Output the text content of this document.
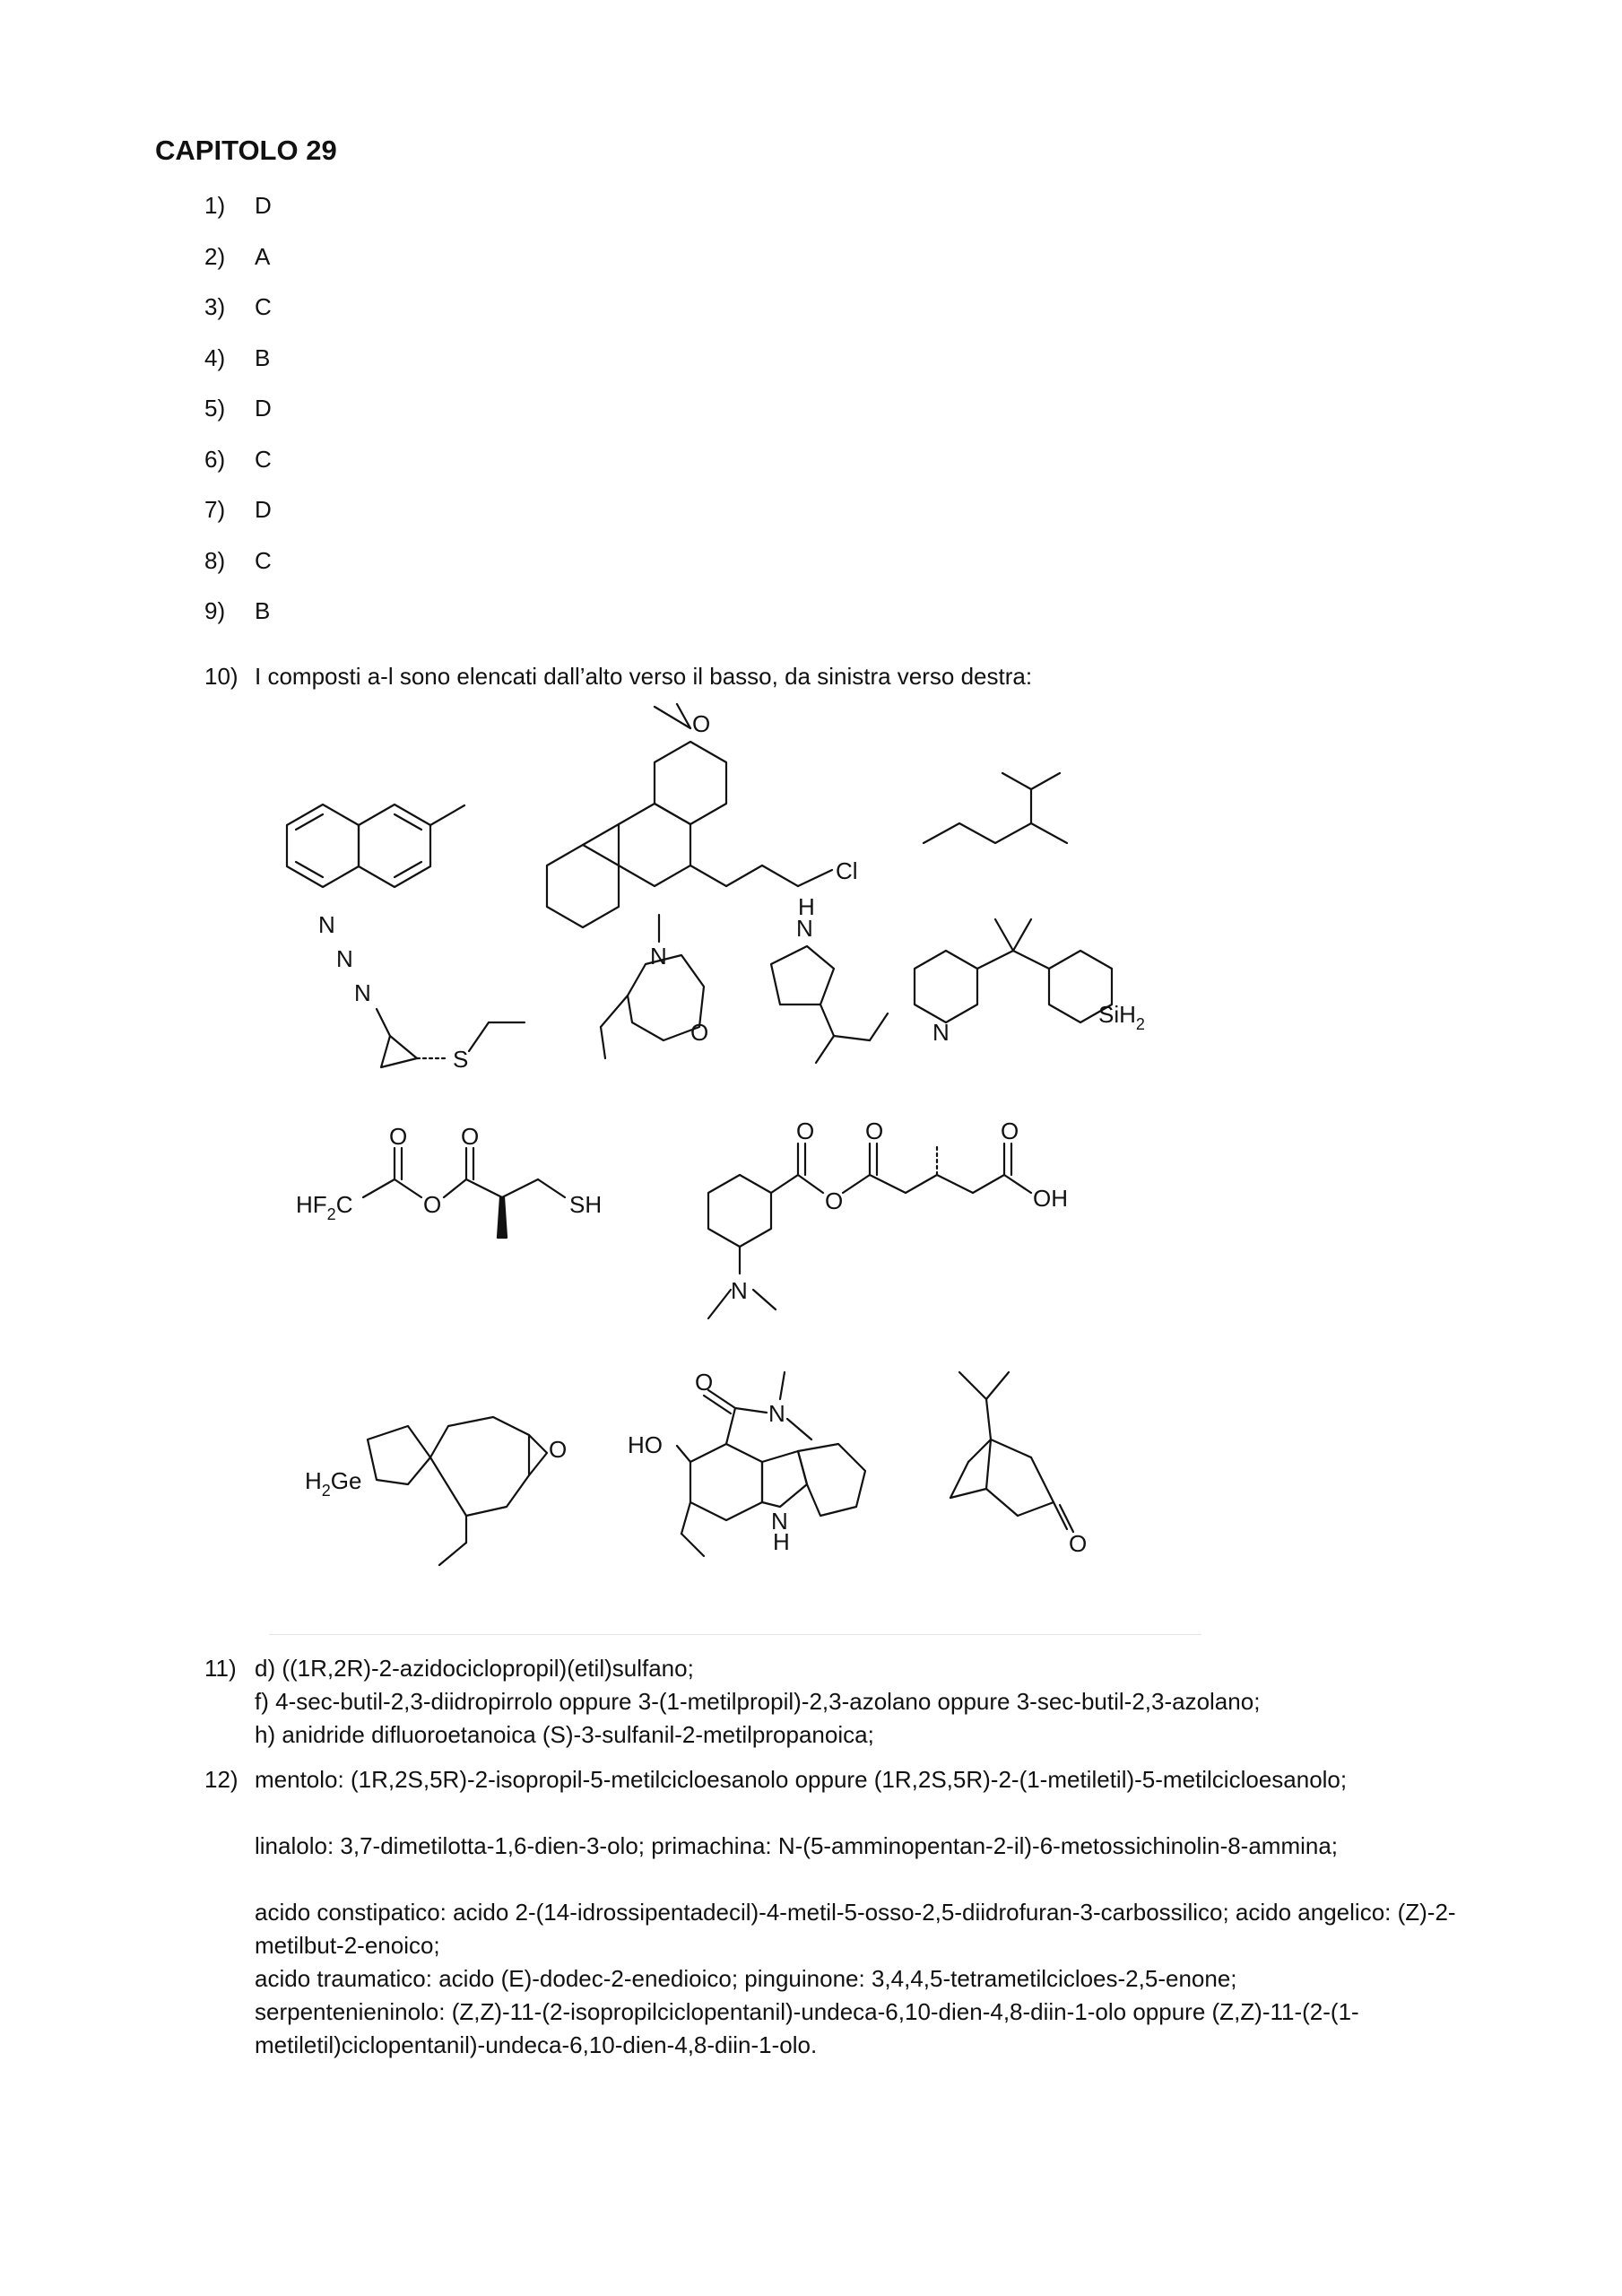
CAPITOLO 29
1)	D
2)	A
3)	C
4)	B
5)	D
6)	C
7)	D
8)	C
9)	B
10) I composti a-l sono elencati dall’alto verso il basso, da sinistra verso destra:
O
Cl
N
N
N
S
N
O
H
N
N
SiH$_2$
$HF_2C$
O
O
O
SH
O
O
O	O
OH
N
$H_2Ge$
O	HO
O
N
N
H	O
11) d) ((1R,2R)-2-azidociclopropil)(etil)sulfano;

f) 4-sec-butil-2,3-diidropirrolo oppure 3-(1-metilpropil)-2,3-azolano oppure 3-sec-butil-2,3-azolano;

h) anidride difluoroetanoica (S)-3-sulfanil-2-metilpropanoica;

12) mentolo: (1R,2S,5R)-2-isopropil-5-metilcicloesanolo oppure (1R,2S,5R)-2-(1-metiletil)-5-metilcicloesanolo;

linalolo: 3,7-dimetilotta-1,6-dien-3-olo; primachina: N-(5-amminopentan-2-il)-6-metossichinolin-8-ammina;

acido constipatico: acido 2-(14-idrossipentadecil)-4-metil-5-osso-2,5-diidrofuran-3-carbossilico; acido angelico: (Z)-2-metilbut-2-enoico;

acido traumatico: acido (E)-dodec-2-enedioico; pinguinone: 3,4,4,5-tetrametilcicloes-2,5-enone;

serpentenieninolo: (Z,Z)-11-(2-isopropilciclopentanil)-undeca-6,10-dien-4,8-diin-1-olo oppure (Z,Z)-11-(2-(1-metiletil)ciclopentanil)-undeca-6,10-dien-4,8-diin-1-olo.
